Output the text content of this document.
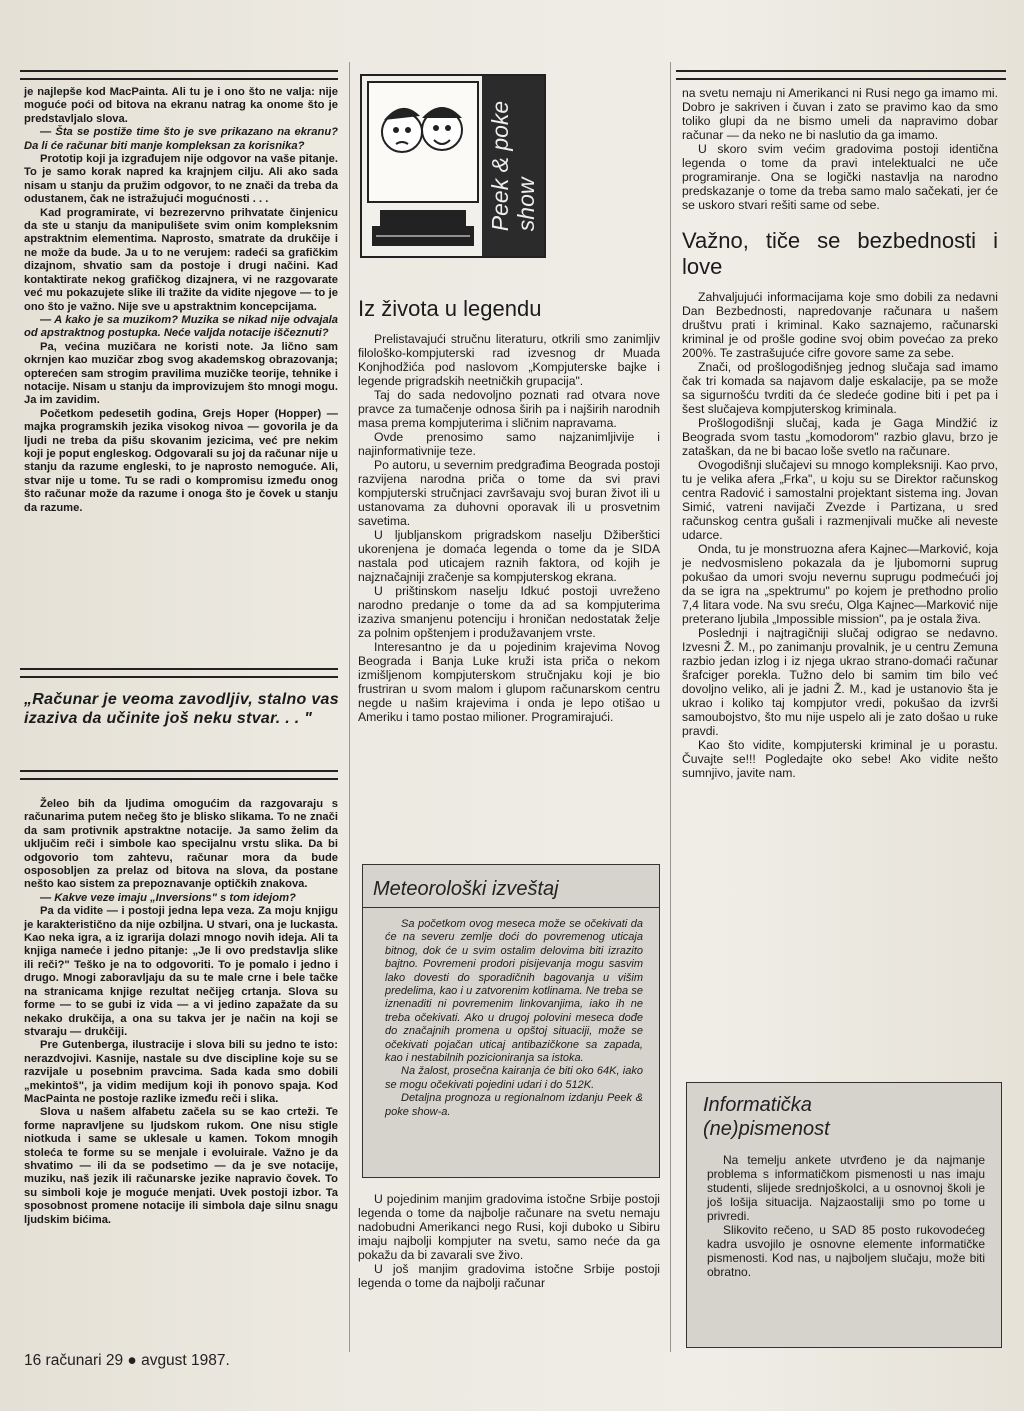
je najlepše kod MacPainta. Ali tu je i ono što ne valja: nije moguće poći od bitova na ekranu natrag ka onome što je predstavljalo slova.

— Šta se postiže time što je sve prikazano na ekranu? Da li će računar biti manje kompleksan za korisnika?

Prototip koji ja izgrađujem nije odgovor na vaše pitanje. To je samo korak napred ka krajnjem cilju. Ali ako sada nisam u stanju da pružim odgovor, to ne znači da treba da odustanem, čak ne istražujući mogućnosti . . .

Kad programirate, vi bezrezervno prihvatate činjenicu da ste u stanju da manipulišete svim onim kompleksnim apstraktnim elementima. Naprosto, smatrate da drukčije i ne može da bude. Ja u to ne verujem: radeći sa grafičkim dizajnom, shvatio sam da postoje i drugi načini. Kad kontaktirate nekog grafičkog dizajnera, vi ne razgovarate već mu pokazujete slike ili tražite da vidite njegove — to je ono što je važno. Nije sve u apstraktnim koncepcijama.

— A kako je sa muzikom? Muzika se nikad nije odvajala od apstraktnog postupka. Neće valjda notacije iščeznuti?

Pa, većina muzičara ne koristi note. Ja lično sam okrnjen kao muzičar zbog svog akademskog obrazovanja; opterećen sam strogim pravilima muzičke teorije, tehnike i notacije. Nisam u stanju da improvizujem što mnogi mogu. Ja im zavidim.

Početkom pedesetih godina, Grejs Hoper (Hopper) — majka programskih jezika visokog nivoa — govorila je da ljudi ne treba da pišu skovanim jezicima, već pre nekim koji je poput engleskog. Odgovarali su joj da računar nije u stanju da razume engleski, to je naprosto nemoguće. Ali, stvar nije u tome. Tu se radi o kompromisu između onog što računar može da razume i onoga što je čovek u stanju da razume.

„Računar je veoma zavodljiv, stalno vas izaziva da učinite još neku stvar. . . "

Želeo bih da ljudima omogućim da razgovaraju s računarima putem nečeg što je blisko slikama. To ne znači da sam protivnik apstraktne notacije. Ja samo želim da uključim reči i simbole kao specijalnu vrstu slika. Da bi odgovorio tom zahtevu, računar mora da bude osposobljen za prelaz od bitova na slova, da postane nešto kao sistem za prepoznavanje optičkih znakova.

— Kakve veze imaju „Inversions" s tom idejom?

Pa da vidite — i postoji jedna lepa veza. Za moju knjigu je karakteristično da nije ozbiljna. U stvari, ona je luckasta. Kao neka igra, a iz igrarija dolazi mnogo novih ideja. Ali ta knjiga nameće i jedno pitanje: „Je li ovo predstavlja slike ili reči?" Teško je na to odgovoriti. To je pomalo i jedno i drugo. Mnogi zaboravljaju da su te male crne i bele tačke na stranicama knjige rezultat nečijeg crtanja. Slova su forme — to se gubi iz vida — a vi jedino zapažate da su nekako drukčija, a ona su takva jer je način na koji se stvaraju — drukčiji.

Pre Gutenberga, ilustracije i slova bili su jedno te isto: nerazdvojivi. Kasnije, nastale su dve discipline koje su se razvijale u posebnim pravcima. Sada kada smo dobili „mekintoš", ja vidim medijum koji ih ponovo spaja. Kod MacPainta ne postoje razlike između reči i slika.

Slova u našem alfabetu začela su se kao crteži. Te forme napravljene su ljudskom rukom. One nisu stigle niotkuda i same se uklesale u kamen. Tokom mnogih stoleća te forme su se menjale i evoluirale. Važno je da shvatimo — ili da se podsetimo — da je sve notacije, muziku, naš jezik ili računarske jezike napravio čovek. To su simboli koje je moguće menjati. Uvek postoji izbor. Ta sposobnost promene notacije ili simbola daje silnu snagu ljudskim bićima.

Peek & poke
show
Iz života u legendu

Prelistavajući stručnu literaturu, otkrili smo zanimljiv filološko-kompjuterski rad izvesnog dr Muada Konjhodžića pod naslovom „Kompjuterske bajke i legende prigradskih neetničkih grupacija".

Taj do sada nedovoljno poznati rad otvara nove pravce za tumačenje odnosa širih pa i najširih narodnih masa prema kompjuterima i sličnim napravama.

Ovde prenosimo samo najzanimljivije i najinformativnije teze.

Po autoru, u severnim predgrađima Beograda postoji razvijena narodna priča o tome da svi pravi kompjuterski stručnjaci završavaju svoj buran život ili u ustanovama za duhovni oporavak ili u prosvetnim savetima.

U ljubljanskom prigradskom naselju Džiberštici ukorenjena je domaća legenda o tome da je SIDA nastala pod uticajem raznih faktora, od kojih je najznačajniji zračenje sa kompjuterskog ekrana.

U prištinskom naselju Idkuć postoji uvreženo narodno predanje o tome da ad sa kompjuterima izaziva smanjenu potenciju i hroničan nedostatak želje za polnim opštenjem i produžavanjem vrste.

Interesantno je da u pojedinim krajevima Novog Beograda i Banja Luke kruži ista priča o nekom izmišljenom kompjuterskom stručnjaku koji je bio frustriran u svom malom i glupom računarskom centru negde u našim krajevima i onda je lepo otišao u Ameriku i tamo postao milioner. Programirajući.

Meteorološki izveštaj

Sa početkom ovog meseca može se očekivati da će na severu zemlje doći do povremenog uticaja bitnog, dok će u svim ostalim delovima biti izrazito bajtno. Povremeni prodori pisijevanja mogu sasvim lako dovesti do sporadičnih bagovanja u višim predelima, kao i u zatvorenim kotlinama. Ne treba se iznenaditi ni povremenim linkovanjima, iako ih ne treba očekivati. Ako u drugoj polovini meseca dođe do značajnih promena u opštoj situaciji, može se očekivati pojačan uticaj antibazičkone sa zapada, kao i nestabilnih pozicioniranja sa istoka.

Na žalost, prosečna kairanja će biti oko 64K, iako se mogu očekivati pojedini udari i do 512K.

Detaljna prognoza u regionalnom izdanju Peek & poke show-a.

U pojedinim manjim gradovima istočne Srbije postoji legenda o tome da najbolje računare na svetu nemaju nadobudni Amerikanci nego Rusi, koji duboko u Sibiru imaju najbolji kompjuter na svetu, samo neće da ga pokažu da bi zavarali sve živo.

U još manjim gradovima istočne Srbije postoji legenda o tome da najbolji računar

na svetu nemaju ni Amerikanci ni Rusi nego ga imamo mi. Dobro je sakriven i čuvan i zato se pravimo kao da smo toliko glupi da ne bismo umeli da napravimo dobar računar — da neko ne bi naslutio da ga imamo.

U skoro svim većim gradovima postoji identična legenda o tome da pravi intelektualci ne uče programiranje. Ona se logički nastavlja na narodno predskazanje o tome da treba samo malo sačekati, jer će se uskoro stvari rešiti same od sebe.

Važno, tiče se bezbednosti i love

Zahvaljujući informacijama koje smo dobili za nedavni Dan Bezbednosti, napredovanje računara u našem društvu prati i kriminal. Kako saznajemo, računarski kriminal je od prošle godine svoj obim povećao za preko 200%. Te zastrašujuće cifre govore same za sebe.

Znači, od prošlogodišnjeg jednog slučaja sad imamo čak tri komada sa najavom dalje eskalacije, pa se može sa sigurnošću tvrditi da će sledeće godine biti i pet pa i šest slučajeva kompjuterskog kriminala.

Prošlogodišnji slučaj, kada je Gaga Mindžić iz Beograda svom tastu „komodorom" razbio glavu, brzo je zataškan, da ne bi bacao loše svetlo na računare.

Ovogodišnji slučajevi su mnogo kompleksniji. Kao prvo, tu je velika afera „Frka", u koju su se Direktor računskog centra Radović i samostalni projektant sistema ing. Jovan Simić, vatreni navijači Zvezde i Partizana, u sred računskog centra gušali i razmenjivali mučke ali neveste udarce.

Onda, tu je monstruozna afera Kajnec—Marković, koja je nedvosmisleno pokazala da je ljubomorni suprug pokušao da umori svoju nevernu suprugu podmećući joj da se igra na „spektrumu" po kojem je prethodno prolio 7,4 litara vode. Na svu sreću, Olga Kajnec—Marković nije preterano ljubila „Impossible mission", pa je ostala živa.

Poslednji i najtragičniji slučaj odigrao se nedavno. Izvesni Ž. M., po zanimanju provalnik, je u centru Zemuna razbio jedan izlog i iz njega ukrao strano-domaći računar šrafciger porekla. Tužno delo bi samim tim bilo već dovoljno veliko, ali je jadni Ž. M., kad je ustanovio šta je ukrao i koliko taj kompjutor vredi, pokušao da izvrši samoubojstvo, što mu nije uspelo ali je zato došao u ruke pravdi.

Kao što vidite, kompjuterski kriminal je u porastu. Čuvajte se!!! Pogledajte oko sebe! Ako vidite nešto sumnjivo, javite nam.

Informatička
(ne)pismenost

Na temelju ankete utvrđeno je da najmanje problema s informatičkom pismenosti u nas imaju studenti, slijede srednjoškolci, a u osnovnoj školi je još lošija situacija. Najzaostaliji smo po tome u privredi.

Slikovito rečeno, u SAD 85 posto rukovodećeg kadra usvojilo je osnovne elemente informatičke pismenosti. Kod nas, u najboljem slučaju, može biti obratno.

16 računari 29 ● avgust 1987.
